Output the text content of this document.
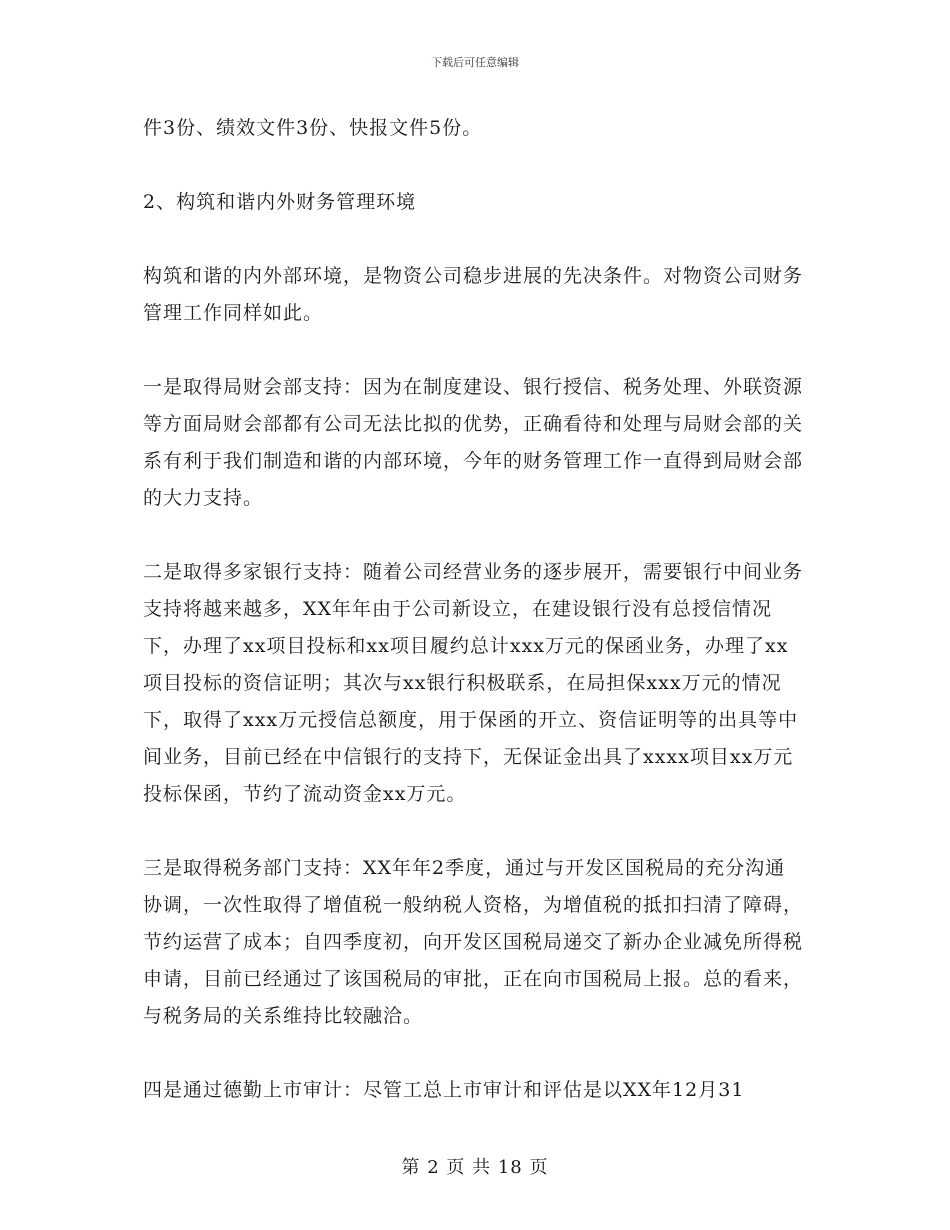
下载后可任意编辑

件3份、绩效文件3份、快报文件5份。

2、构筑和谐内外财务管理环境

构筑和谐的内外部环境，是物资公司稳步进展的先决条件。对物资公司财务管理工作同样如此。

一是取得局财会部支持：因为在制度建设、银行授信、税务处理、外联资源等方面局财会部都有公司无法比拟的优势，正确看待和处理与局财会部的关系有利于我们制造和谐的内部环境，今年的财务管理工作一直得到局财会部的大力支持。

二是取得多家银行支持：随着公司经营业务的逐步展开，需要银行中间业务支持将越来越多，XX年年由于公司新设立，在建设银行没有总授信情况下，办理了xx项目投标和xx项目履约总计xxx万元的保函业务，办理了xx项目投标的资信证明；其次与xx银行积极联系，在局担保xxx万元的情况下，取得了xxx万元授信总额度，用于保函的开立、资信证明等的出具等中间业务，目前已经在中信银行的支持下，无保证金出具了xxxx项目xx万元投标保函，节约了流动资金xx万元。

三是取得税务部门支持：XX年年2季度，通过与开发区国税局的充分沟通协调，一次性取得了增值税一般纳税人资格，为增值税的抵扣扫清了障碍，节约运营了成本；自四季度初，向开发区国税局递交了新办企业减免所得税申请，目前已经通过了该国税局的审批，正在向市国税局上报。总的看来，与税务局的关系维持比较融洽。

四是通过德勤上市审计：尽管工总上市审计和评估是以XX年12月31

第 2 页 共 18 页
